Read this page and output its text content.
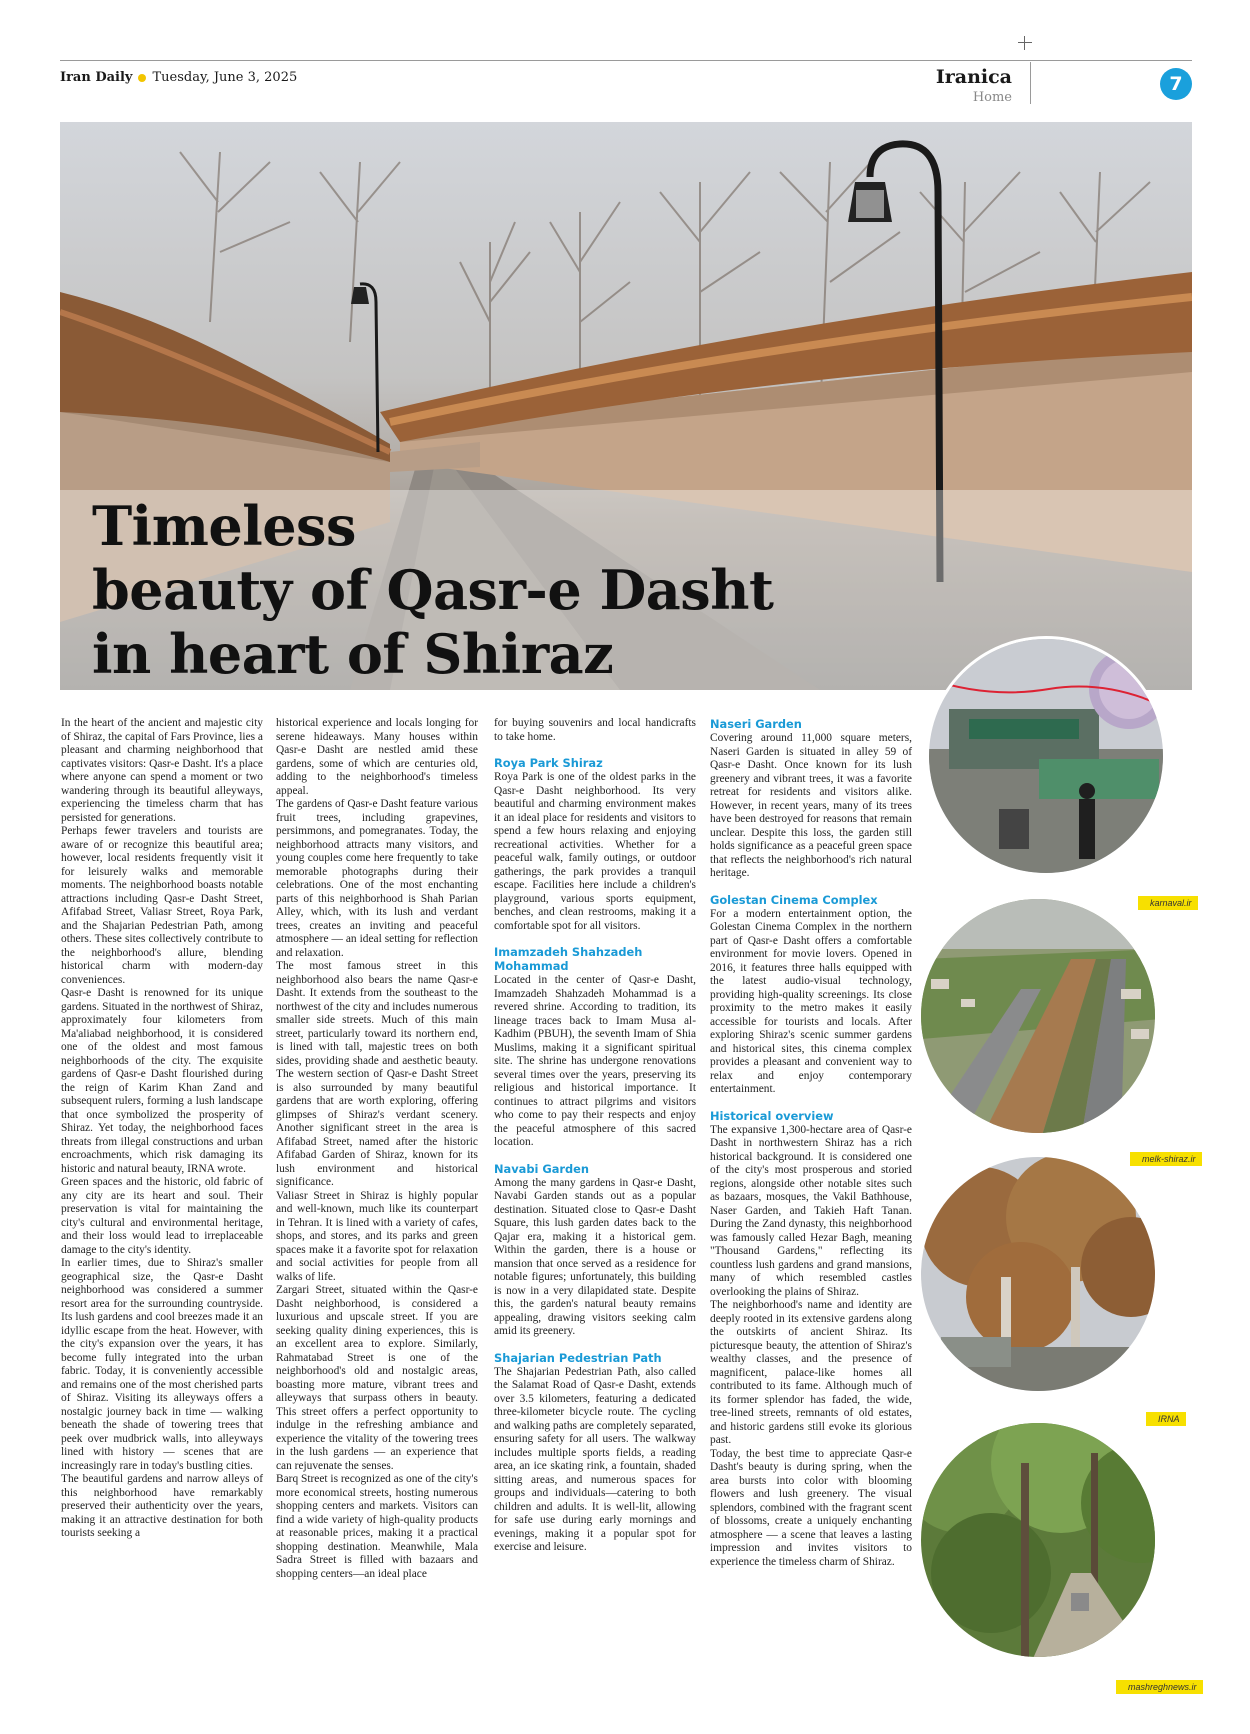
Iran Daily Tuesday, June 3, 2025	Iranica
Home
7
Timeless
beauty of Qasr-e Dasht
in heart of Shiraz

In the heart of the ancient and majestic city of Shiraz, the capital of Fars Province, lies a pleasant and charming neighborhood that captivates visitors: Qasr-e Dasht. It's a place where anyone can spend a moment or two wandering through its beautiful alleyways, experiencing the timeless charm that has persisted for generations.

Perhaps fewer travelers and tourists are aware of or recognize this beautiful area; however, local residents frequently visit it for leisurely walks and memorable moments. The neighborhood boasts notable attractions including Qasr-e Dasht Street, Afifabad Street, Valiasr Street, Roya Park, and the Shajarian Pedestrian Path, among others. These sites collectively contribute to the neighborhood's allure, blending historical charm with modern-day conveniences.

Qasr-e Dasht is renowned for its unique gardens. Situated in the northwest of Shiraz, approximately four kilometers from Ma'aliabad neighborhood, it is considered one of the oldest and most famous neighborhoods of the city. The exquisite gardens of Qasr-e Dasht flourished during the reign of Karim Khan Zand and subsequent rulers, forming a lush landscape that once symbolized the prosperity of Shiraz. Yet today, the neighborhood faces threats from illegal constructions and urban encroachments, which risk damaging its historic and natural beauty, IRNA wrote.

Green spaces and the historic, old fabric of any city are its heart and soul. Their preservation is vital for maintaining the city's cultural and environmental heritage, and their loss would lead to irreplaceable damage to the city's identity.

In earlier times, due to Shiraz's smaller geographical size, the Qasr-e Dasht neighborhood was considered a summer resort area for the surrounding countryside. Its lush gardens and cool breezes made it an idyllic escape from the heat. However, with the city's expansion over the years, it has become fully integrated into the urban fabric. Today, it is conveniently accessible and remains one of the most cherished parts of Shiraz. Visiting its alleyways offers a nostalgic journey back in time — walking beneath the shade of towering trees that peek over mudbrick walls, into alleyways lined with history — scenes that are increasingly rare in today's bustling cities.

The beautiful gardens and narrow alleys of this neighborhood have remarkably preserved their authenticity over the years, making it an attractive destination for both tourists seeking a

historical experience and locals longing for serene hideaways. Many houses within Qasr-e Dasht are nestled amid these gardens, some of which are centuries old, adding to the neighborhood's timeless appeal.

The gardens of Qasr-e Dasht feature various fruit trees, including grapevines, persimmons, and pomegranates. Today, the neighborhood attracts many visitors, and young couples come here frequently to take memorable photographs during their celebrations. One of the most enchanting parts of this neighborhood is Shah Parian Alley, which, with its lush and verdant trees, creates an inviting and peaceful atmosphere — an ideal setting for reflection and relaxation.

The most famous street in this neighborhood also bears the name Qasr-e Dasht. It extends from the southeast to the northwest of the city and includes numerous smaller side streets. Much of this main street, particularly toward its northern end, is lined with tall, majestic trees on both sides, providing shade and aesthetic beauty. The western section of Qasr-e Dasht Street is also surrounded by many beautiful gardens that are worth exploring, offering glimpses of Shiraz's verdant scenery. Another significant street in the area is Afifabad Street, named after the historic Afifabad Garden of Shiraz, known for its lush environment and historical significance.

Valiasr Street in Shiraz is highly popular and well-known, much like its counterpart in Tehran. It is lined with a variety of cafes, shops, and stores, and its parks and green spaces make it a favorite spot for relaxation and social activities for people from all walks of life.

Zargari Street, situated within the Qasr-e Dasht neighborhood, is considered a luxurious and upscale street. If you are seeking quality dining experiences, this is an excellent area to explore. Similarly, Rahmatabad Street is one of the neighborhood's old and nostalgic areas, boasting more mature, vibrant trees and alleyways that surpass others in beauty. This street offers a perfect opportunity to indulge in the refreshing ambiance and experience the vitality of the towering trees in the lush gardens — an experience that can rejuvenate the senses.

Barq Street is recognized as one of the city's more economical streets, hosting numerous shopping centers and markets. Visitors can find a wide variety of high-quality products at reasonable prices, making it a practical shopping destination. Meanwhile, Mala Sadra Street is filled with bazaars and shopping centers—an ideal place

for buying souvenirs and local handicrafts to take home.

Roya Park Shiraz

Roya Park is one of the oldest parks in the Qasr-e Dasht neighborhood. Its very beautiful and charming environment makes it an ideal place for residents and visitors to spend a few hours relaxing and enjoying recreational activities. Whether for a peaceful walk, family outings, or outdoor gatherings, the park provides a tranquil escape. Facilities here include a children's playground, various sports equipment, benches, and clean restrooms, making it a comfortable spot for all visitors.

Imamzadeh Shahzadeh Mohammad

Located in the center of Qasr-e Dasht, Imamzadeh Shahzadeh Mohammad is a revered shrine. According to tradition, its lineage traces back to Imam Musa al-Kadhim (PBUH), the seventh Imam of Shia Muslims, making it a significant spiritual site. The shrine has undergone renovations several times over the years, preserving its religious and historical importance. It continues to attract pilgrims and visitors who come to pay their respects and enjoy the peaceful atmosphere of this sacred location.

Navabi Garden

Among the many gardens in Qasr-e Dasht, Navabi Garden stands out as a popular destination. Situated close to Qasr-e Dasht Square, this lush garden dates back to the Qajar era, making it a historical gem. Within the garden, there is a house or mansion that once served as a residence for notable figures; unfortunately, this building is now in a very dilapidated state. Despite this, the garden's natural beauty remains appealing, drawing visitors seeking calm amid its greenery.

Shajarian Pedestrian Path

The Shajarian Pedestrian Path, also called the Salamat Road of Qasr-e Dasht, extends over 3.5 kilometers, featuring a dedicated three-kilometer bicycle route. The cycling and walking paths are completely separated, ensuring safety for all users. The walkway includes multiple sports fields, a reading area, an ice skating rink, a fountain, shaded sitting areas, and numerous spaces for groups and individuals—catering to both children and adults. It is well-lit, allowing for safe use during early mornings and evenings, making it a popular spot for exercise and leisure.

Naseri Garden

Covering around 11,000 square meters, Naseri Garden is situated in alley 59 of Qasr-e Dasht. Once known for its lush greenery and vibrant trees, it was a favorite retreat for residents and visitors alike. However, in recent years, many of its trees have been destroyed for reasons that remain unclear. Despite this loss, the garden still holds significance as a peaceful green space that reflects the neighborhood's rich natural heritage.

Golestan Cinema Complex

For a modern entertainment option, the Golestan Cinema Complex in the northern part of Qasr-e Dasht offers a comfortable environment for movie lovers. Opened in 2016, it features three halls equipped with the latest audio-visual technology, providing high-quality screenings. Its close proximity to the metro makes it easily accessible for tourists and locals. After exploring Shiraz's scenic summer gardens and historical sites, this cinema complex provides a pleasant and convenient way to relax and enjoy contemporary entertainment.

Historical overview

The expansive 1,300-hectare area of Qasr-e Dasht in northwestern Shiraz has a rich historical background. It is considered one of the city's most prosperous and storied regions, alongside other notable sites such as bazaars, mosques, the Vakil Bathhouse, Naser Garden, and Takieh Haft Tanan. During the Zand dynasty, this neighborhood was famously called Hezar Bagh, meaning "Thousand Gardens," reflecting its countless lush gardens and grand mansions, many of which resembled castles overlooking the plains of Shiraz.

The neighborhood's name and identity are deeply rooted in its extensive gardens along the outskirts of ancient Shiraz. Its picturesque beauty, the attention of Shiraz's wealthy classes, and the presence of magnificent, palace-like homes all contributed to its fame. Although much of its former splendor has faded, the wide, tree-lined streets, remnants of old estates, and historic gardens still evoke its glorious past.

Today, the best time to appreciate Qasr-e Dasht's beauty is during spring, when the area bursts into color with blooming flowers and lush greenery. The visual splendors, combined with the fragrant scent of blossoms, create a uniquely enchanting atmosphere — a scene that leaves a lasting impression and invites visitors to experience the timeless charm of Shiraz.

karnaval.ir
melk-shiraz.ir
IRNA
mashreghnews.ir
